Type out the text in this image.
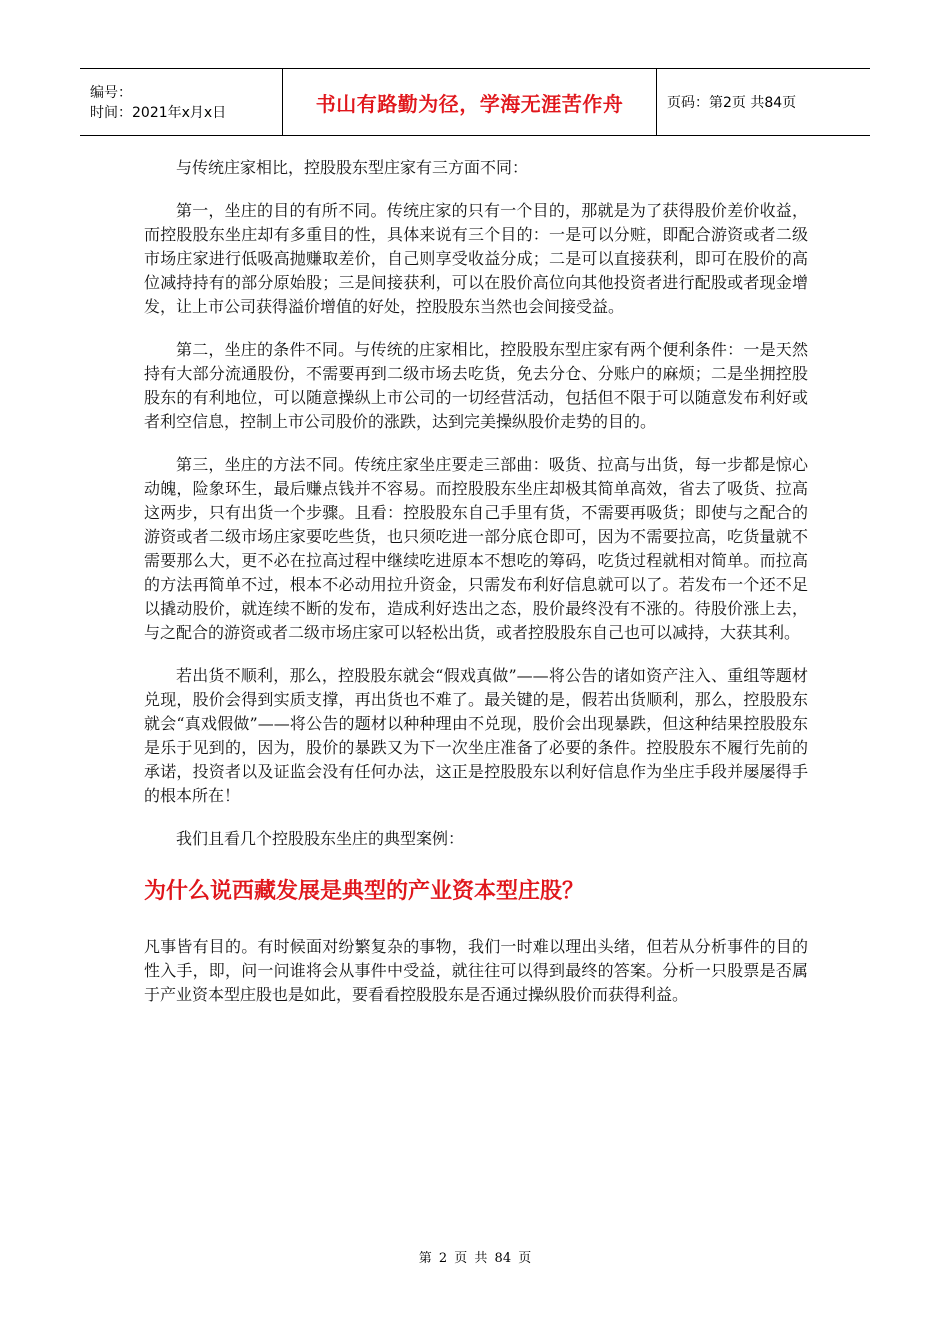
编号：
时间：2021年x月x日	书山有路勤为径，学海无涯苦作舟	页码：第2页 共84页

与传统庄家相比，控股股东型庄家有三方面不同：

第一，坐庄的目的有所不同。传统庄家的只有一个目的，那就是为了获得股价差价收益，而控股股东坐庄却有多重目的性，具体来说有三个目的：一是可以分赃，即配合游资或者二级市场庄家进行低吸高抛赚取差价，自己则享受收益分成；二是可以直接获利，即可在股价的高位减持持有的部分原始股；三是间接获利，可以在股价高位向其他投资者进行配股或者现金增发，让上市公司获得溢价增值的好处，控股股东当然也会间接受益。

第二，坐庄的条件不同。与传统的庄家相比，控股股东型庄家有两个便利条件：一是天然持有大部分流通股份，不需要再到二级市场去吃货，免去分仓、分账户的麻烦；二是坐拥控股股东的有利地位，可以随意操纵上市公司的一切经营活动，包括但不限于可以随意发布利好或者利空信息，控制上市公司股价的涨跌，达到完美操纵股价走势的目的。

第三，坐庄的方法不同。传统庄家坐庄要走三部曲：吸货、拉高与出货，每一步都是惊心动魄，险象环生，最后赚点钱并不容易。而控股股东坐庄却极其简单高效，省去了吸货、拉高这两步，只有出货一个步骤。且看：控股股东自己手里有货，不需要再吸货；即使与之配合的游资或者二级市场庄家要吃些货，也只须吃进一部分底仓即可，因为不需要拉高，吃货量就不需要那么大，更不必在拉高过程中继续吃进原本不想吃的筹码，吃货过程就相对简单。而拉高的方法再简单不过，根本不必动用拉升资金，只需发布利好信息就可以了。若发布一个还不足以撬动股价，就连续不断的发布，造成利好迭出之态，股价最终没有不涨的。待股价涨上去，与之配合的游资或者二级市场庄家可以轻松出货，或者控股股东自己也可以减持，大获其利。

若出货不顺利，那么，控股股东就会“假戏真做”——将公告的诸如资产注入、重组等题材兑现，股价会得到实质支撑，再出货也不难了。最关键的是，假若出货顺利，那么，控股股东就会“真戏假做”——将公告的题材以种种理由不兑现，股价会出现暴跌，但这种结果控股股东是乐于见到的，因为，股价的暴跌又为下一次坐庄准备了必要的条件。控股股东不履行先前的承诺，投资者以及证监会没有任何办法，这正是控股股东以利好信息作为坐庄手段并屡屡得手的根本所在！

我们且看几个控股股东坐庄的典型案例：

为什么说西藏发展是典型的产业资本型庄股？

凡事皆有目的。有时候面对纷繁复杂的事物，我们一时难以理出头绪，但若从分析事件的目的性入手，即，问一问谁将会从事件中受益，就往往可以得到最终的答案。分析一只股票是否属于产业资本型庄股也是如此，要看看控股股东是否通过操纵股价而获得利益。

第 2 页 共 84 页
